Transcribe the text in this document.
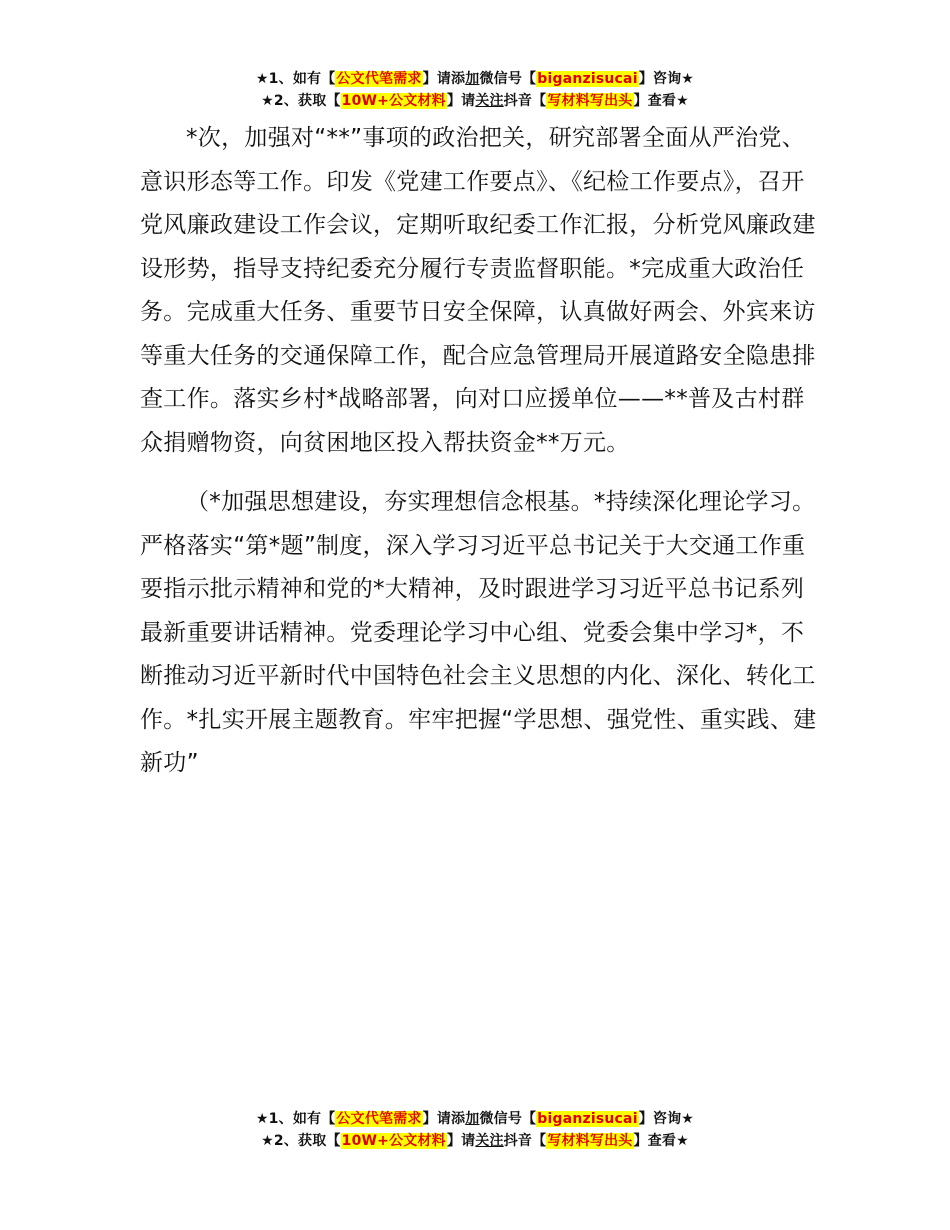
★1、如有【公文代笔需求】请添加微信号【biganzisucai】咨询★
★2、获取【10W+公文材料】请关注抖音【写材料写出头】查看★

*次，加强对“**”事项的政治把关，研究部署全面从严治党、意识形态等工作。印发《党建工作要点》、《纪检工作要点》，召开党风廉政建设工作会议，定期听取纪委工作汇报，分析党风廉政建设形势，指导支持纪委充分履行专责监督职能。*完成重大政治任务。完成重大任务、重要节日安全保障，认真做好两会、外宾来访等重大任务的交通保障工作，配合应急管理局开展道路安全隐患排查工作。落实乡村*战略部署，向对口应援单位——**普及古村群众捐赠物资，向贫困地区投入帮扶资金**万元。

（*加强思想建设，夯实理想信念根基。*持续深化理论学习。严格落实“第*题”制度，深入学习习近平总书记关于大交通工作重要指示批示精神和党的*大精神，及时跟进学习习近平总书记系列最新重要讲话精神。党委理论学习中心组、党委会集中学习*，不断推动习近平新时代中国特色社会主义思想的内化、深化、转化工作。*扎实开展主题教育。牢牢把握“学思想、强党性、重实践、建新功”

★1、如有【公文代笔需求】请添加微信号【biganzisucai】咨询★
★2、获取【10W+公文材料】请关注抖音【写材料写出头】查看★
